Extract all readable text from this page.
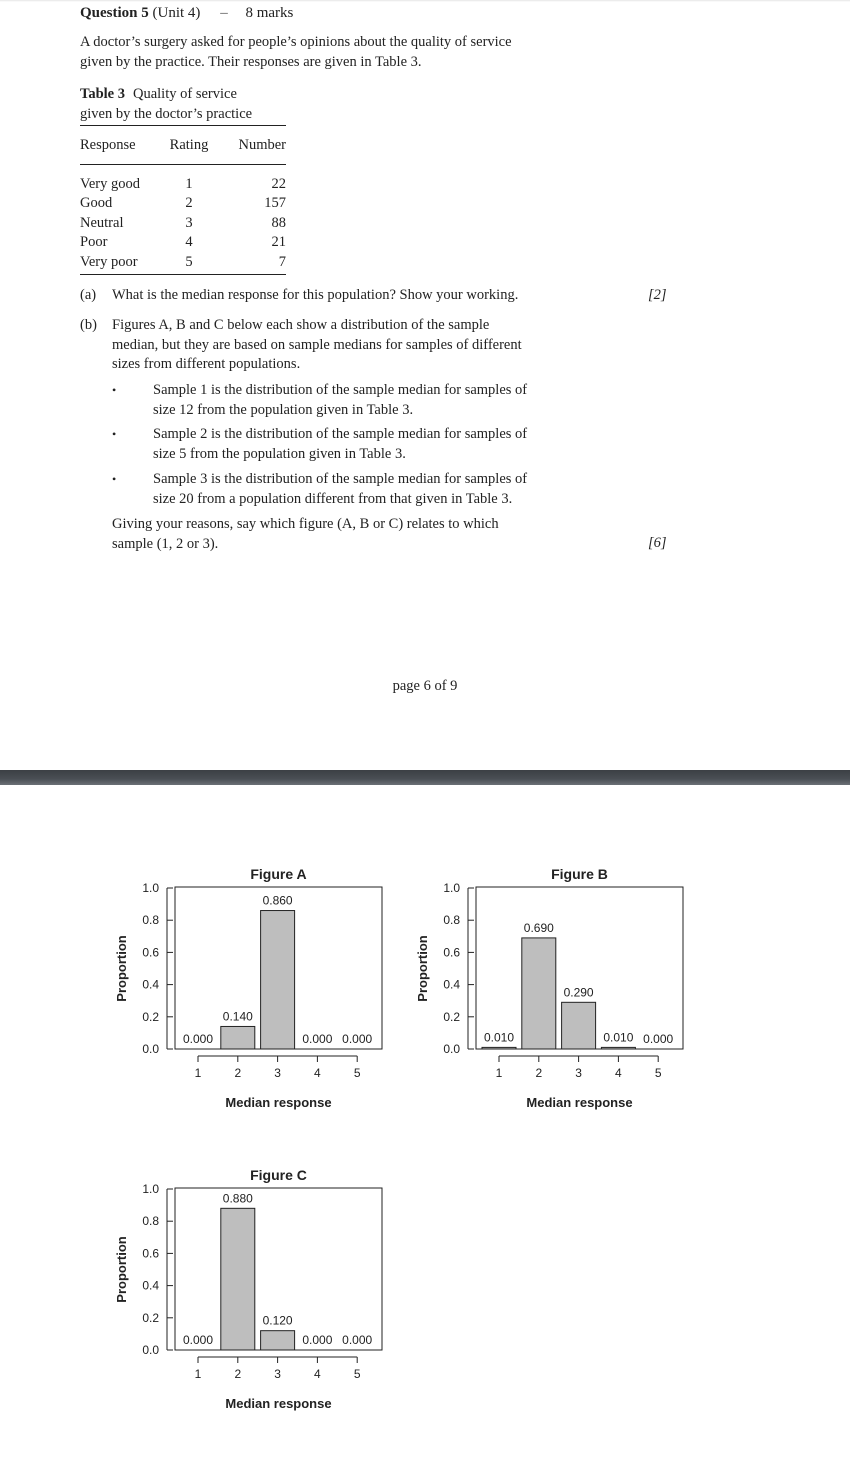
Question 5 (Unit 4) – 8 marks
A doctor’s surgery asked for people’s opinions about the quality of service
given by the practice. Their responses are given in Table 3.
Table 3 Quality of service
given by the doctor’s practice
Response	Rating	Number
Very good	1	22
Good	2	157
Neutral	3	88
Poor	4	21
Very poor	5	7
(a) What is the median response for this population? Show your working.	[2]
(b) Figures A, B and C below each show a distribution of the sample
median, but they are based on sample medians for samples of different
sizes from different populations.
•	Sample 1 is the distribution of the sample median for samples of
size 12 from the population given in Table 3.
•	Sample 2 is the distribution of the sample median for samples of
size 5 from the population given in Table 3.
•	Sample 3 is the distribution of the sample median for samples of
size 20 from a population different from that given in Table 3.
Giving your reasons, say which figure (A, B or C) relates to which
sample (1, 2 or 3).	[6]
page 6 of 9
Figure A
0.0
0.2
0.4
0.6
0.8
1.0
Proportion
1	2	3	4	5
Median response
0.000
0.140
0.860
0.000 0.000
Figure B
0.0
0.2
0.4
0.6
0.8
1.0
Proportion
1	2	3	4	5
Median response
0.010
0.690
0.290
0.010 0.000
Figure C
0.0
0.2
0.4
0.6
0.8
1.0
Proportion
1	2	3	4	5
Median response
0.000
0.880
0.120
0.000 0.000
